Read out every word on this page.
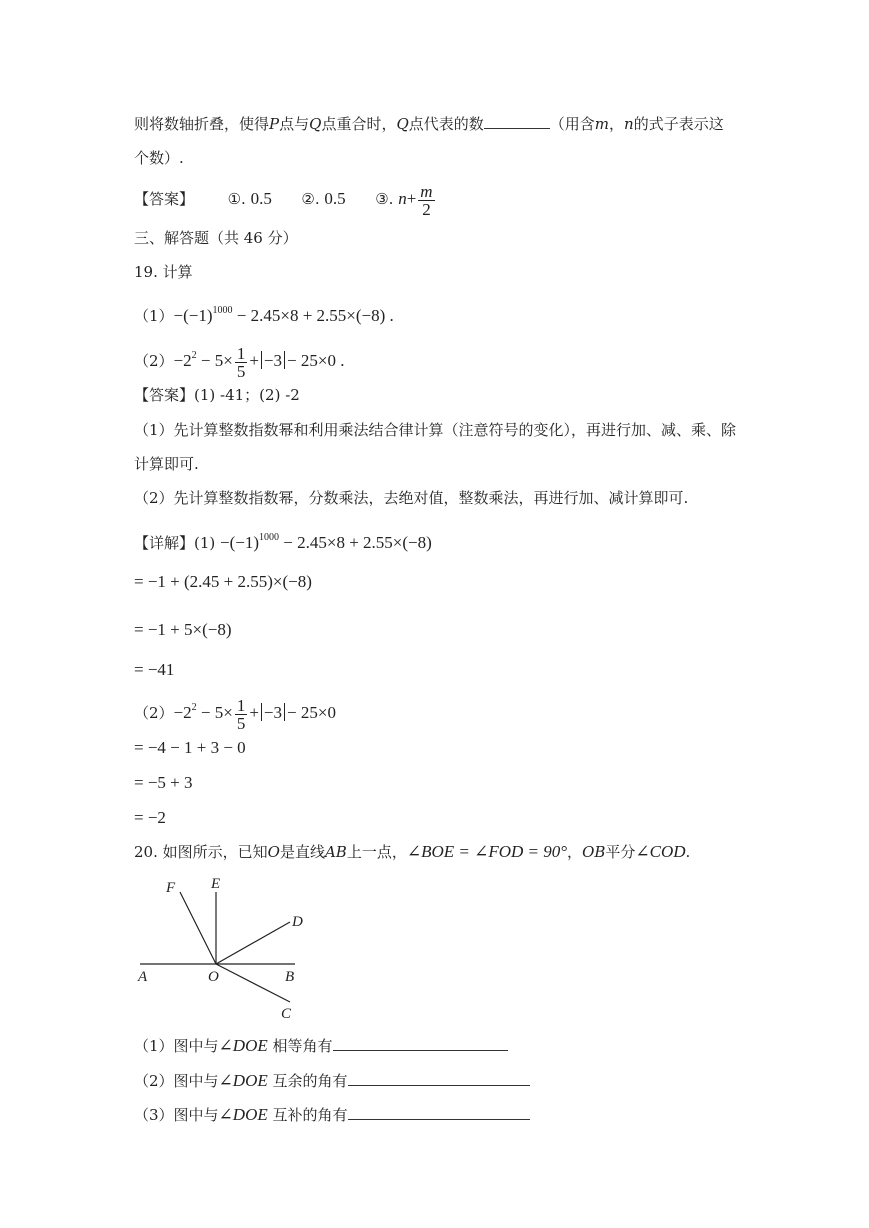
则将数轴折叠，使得P点与Q点重合时，Q点代表的数	（用含m，n的式子表示这
个数）.
【答案】 ①. 0.5 ②. 0.5 ③. $n+ \frac{m}{2}$
三、解答题（共 46 分）
19. 计算
$(1)-(-1)^{1000} - 2.45\times 8 + 2.55\times(-8)$ .
$(2)-2^2 - 5\times \frac{1}{5} + -3 - 25\times 0$ .
【答案】(1) -41；(2) -2
（1）先计算整数指数幂和利用乘法结合律计算（注意符号的变化），再进行加、减、乘、除
计算即可.
（2）先计算整数指数幂，分数乘法，去绝对值，整数乘法，再进行加、减计算即可.
【详解】$(1) -(-1)^{1000} - 2.45\times 8 + 2.55\times(-8)$
= −1 + (2.45 + 2.55)×(−8)
= −1 + 5×(−8)
= −41
$(2)-2^2 - 5\times \frac{1}{5} + -3 - 25\times 0$
= −4 − 1 + 3 − 0
= −5 + 3
= −2
20. 如图所示，已知O是直线AB上一点，∠BOE = ∠FOD = 90°，OB平分∠COD.
F E
D
A	O	B
C
（1）图中与∠DOE 相等角有
（2）图中与∠DOE 互余的角有
（3）图中与∠DOE 互补的角有
